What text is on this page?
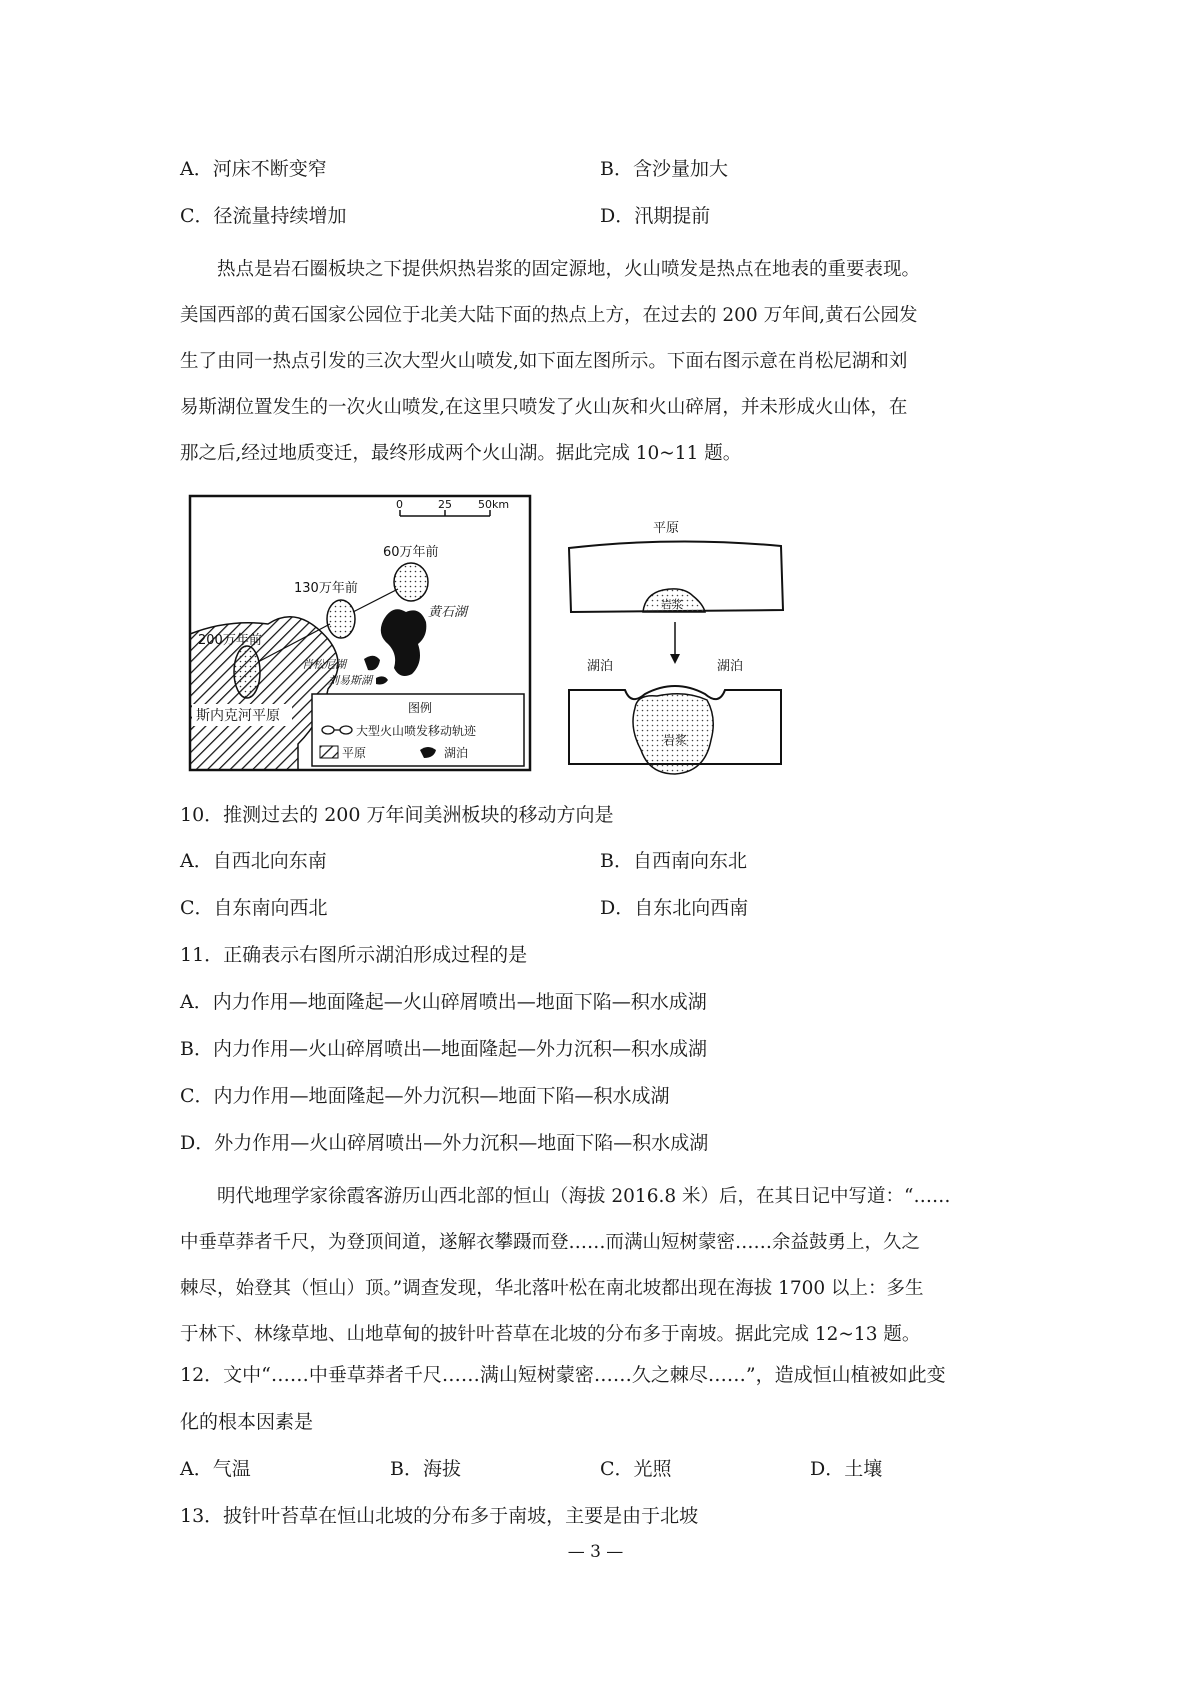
A．河床不断变窄	B．含沙量加大
C．径流量持续增加	D．汛期提前

热点是岩石圈板块之下提供炽热岩浆的固定源地，火山喷发是热点在地表的重要表现。

美国西部的黄石国家公园位于北美大陆下面的热点上方，在过去的 200 万年间,黄石公园发

生了由同一热点引发的三次大型火山喷发,如下面左图所示。下面右图示意在肖松尼湖和刘

易斯湖位置发生的一次火山喷发,在这里只喷发了火山灰和火山碎屑，并未形成火山体，在

那之后,经过地质变迁，最终形成两个火山湖。据此完成 10~11 题。

0	25 50km
60万年前
130万年前
200万年前
黄石湖
肖松尼湖
刘易斯湖
斯内克河平原	图例
大型火山喷发移动轨迹
平原	湖泊
平原
岩浆
湖泊	湖泊
岩浆
10．推测过去的 200 万年间美洲板块的移动方向是
A．自西北向东南	B．自西南向东北
C．自东南向西北	D．自东北向西南
11．正确表示右图所示湖泊形成过程的是
A．内力作用—地面隆起—火山碎屑喷出—地面下陷—积水成湖
B．内力作用—火山碎屑喷出—地面隆起—外力沉积—积水成湖
C．内力作用—地面隆起—外力沉积—地面下陷—积水成湖
D．外力作用—火山碎屑喷出—外力沉积—地面下陷—积水成湖

明代地理学家徐霞客游历山西北部的恒山（海拔 2016.8 米）后，在其日记中写道：“……

中垂草莽者千尺，为登顶间道，遂解衣攀蹑而登……而满山短树蒙密……余益鼓勇上，久之

棘尽，始登其（恒山）顶。”调查发现，华北落叶松在南北坡都出现在海拔 1700 以上：多生

于林下、林缘草地、山地草甸的披针叶苔草在北坡的分布多于南坡。据此完成 12~13 题。

12．文中“……中垂草莽者千尺……满山短树蒙密……久之棘尽……”，造成恒山植被如此变
化的根本因素是
A．气温	B．海拔	C．光照	D．土壤
13．披针叶苔草在恒山北坡的分布多于南坡，主要是由于北坡
— 3 —
